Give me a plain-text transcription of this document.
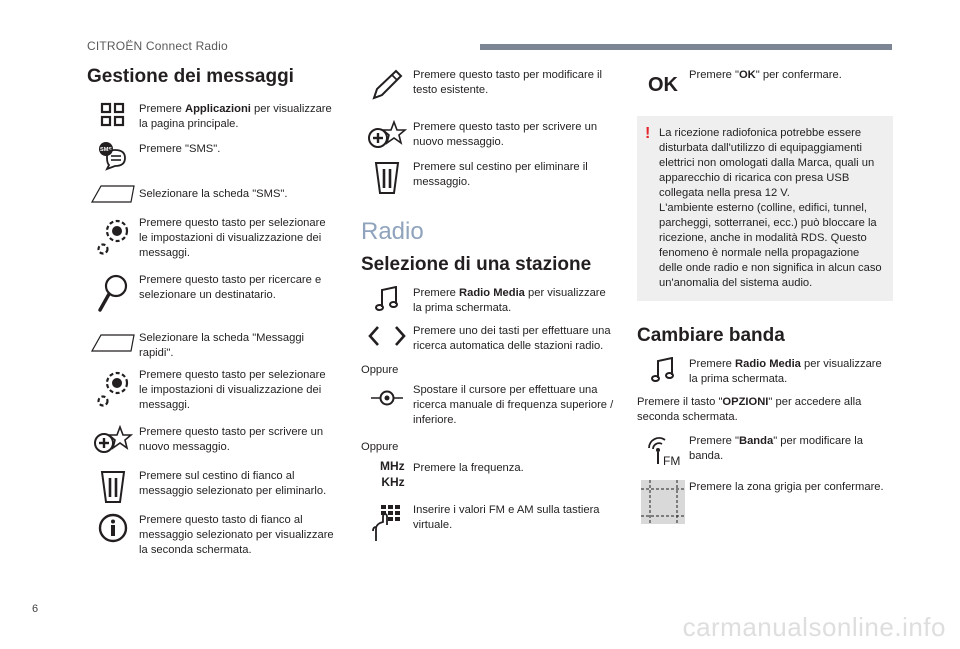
CITROËN Connect Radio
Gestione dei messaggi
Premere Applicazioni per visualizzare la pagina principale.
SMS Premere "SMS".
Selezionare la scheda "SMS".
Premere questo tasto per selezionare le impostazioni di visualizzazione dei messaggi.
Premere questo tasto per ricercare e selezionare un destinatario.
Selezionare la scheda "Messaggi rapidi".
Premere questo tasto per selezionare le impostazioni di visualizzazione dei messaggi.
Premere questo tasto per scrivere un nuovo messaggio.
Premere sul cestino di fianco al messaggio selezionato per eliminarlo.
Premere questo tasto di fianco al messaggio selezionato per visualizzare la seconda schermata.
Premere questo tasto per modificare il testo esistente.
Premere questo tasto per scrivere un nuovo messaggio.
Premere sul cestino per eliminare il messaggio.
Radio
Selezione di una stazione
Premere Radio Media per visualizzare la prima schermata.
Premere uno dei tasti per effettuare una ricerca automatica delle stazioni radio.
Oppure
Spostare il cursore per effettuare una ricerca manuale di frequenza superiore / inferiore.
Oppure
MHz
KHz
Premere la frequenza.
Inserire i valori FM e AM sulla tastiera virtuale.
OK Premere "OK" per confermare.
! La ricezione radiofonica potrebbe essere disturbata dall'utilizzo di equipaggiamenti elettrici non omologati dalla Marca, quali un apparecchio di ricarica con presa USB collegata nella presa 12 V.
L'ambiente esterno (colline, edifici, tunnel, parcheggi, sotterranei, ecc.) può bloccare la ricezione, anche in modalità RDS. Questo fenomeno è normale nella propagazione delle onde radio e non significa in alcun caso un'anomalia del sistema audio.
Cambiare banda
Premere Radio Media per visualizzare la prima schermata.
Premere il tasto "OPZIONI" per accedere alla seconda schermata.
FM
Premere "Banda" per modificare la banda.
Premere la zona grigia per confermare.
6
carmanualsonline.info
